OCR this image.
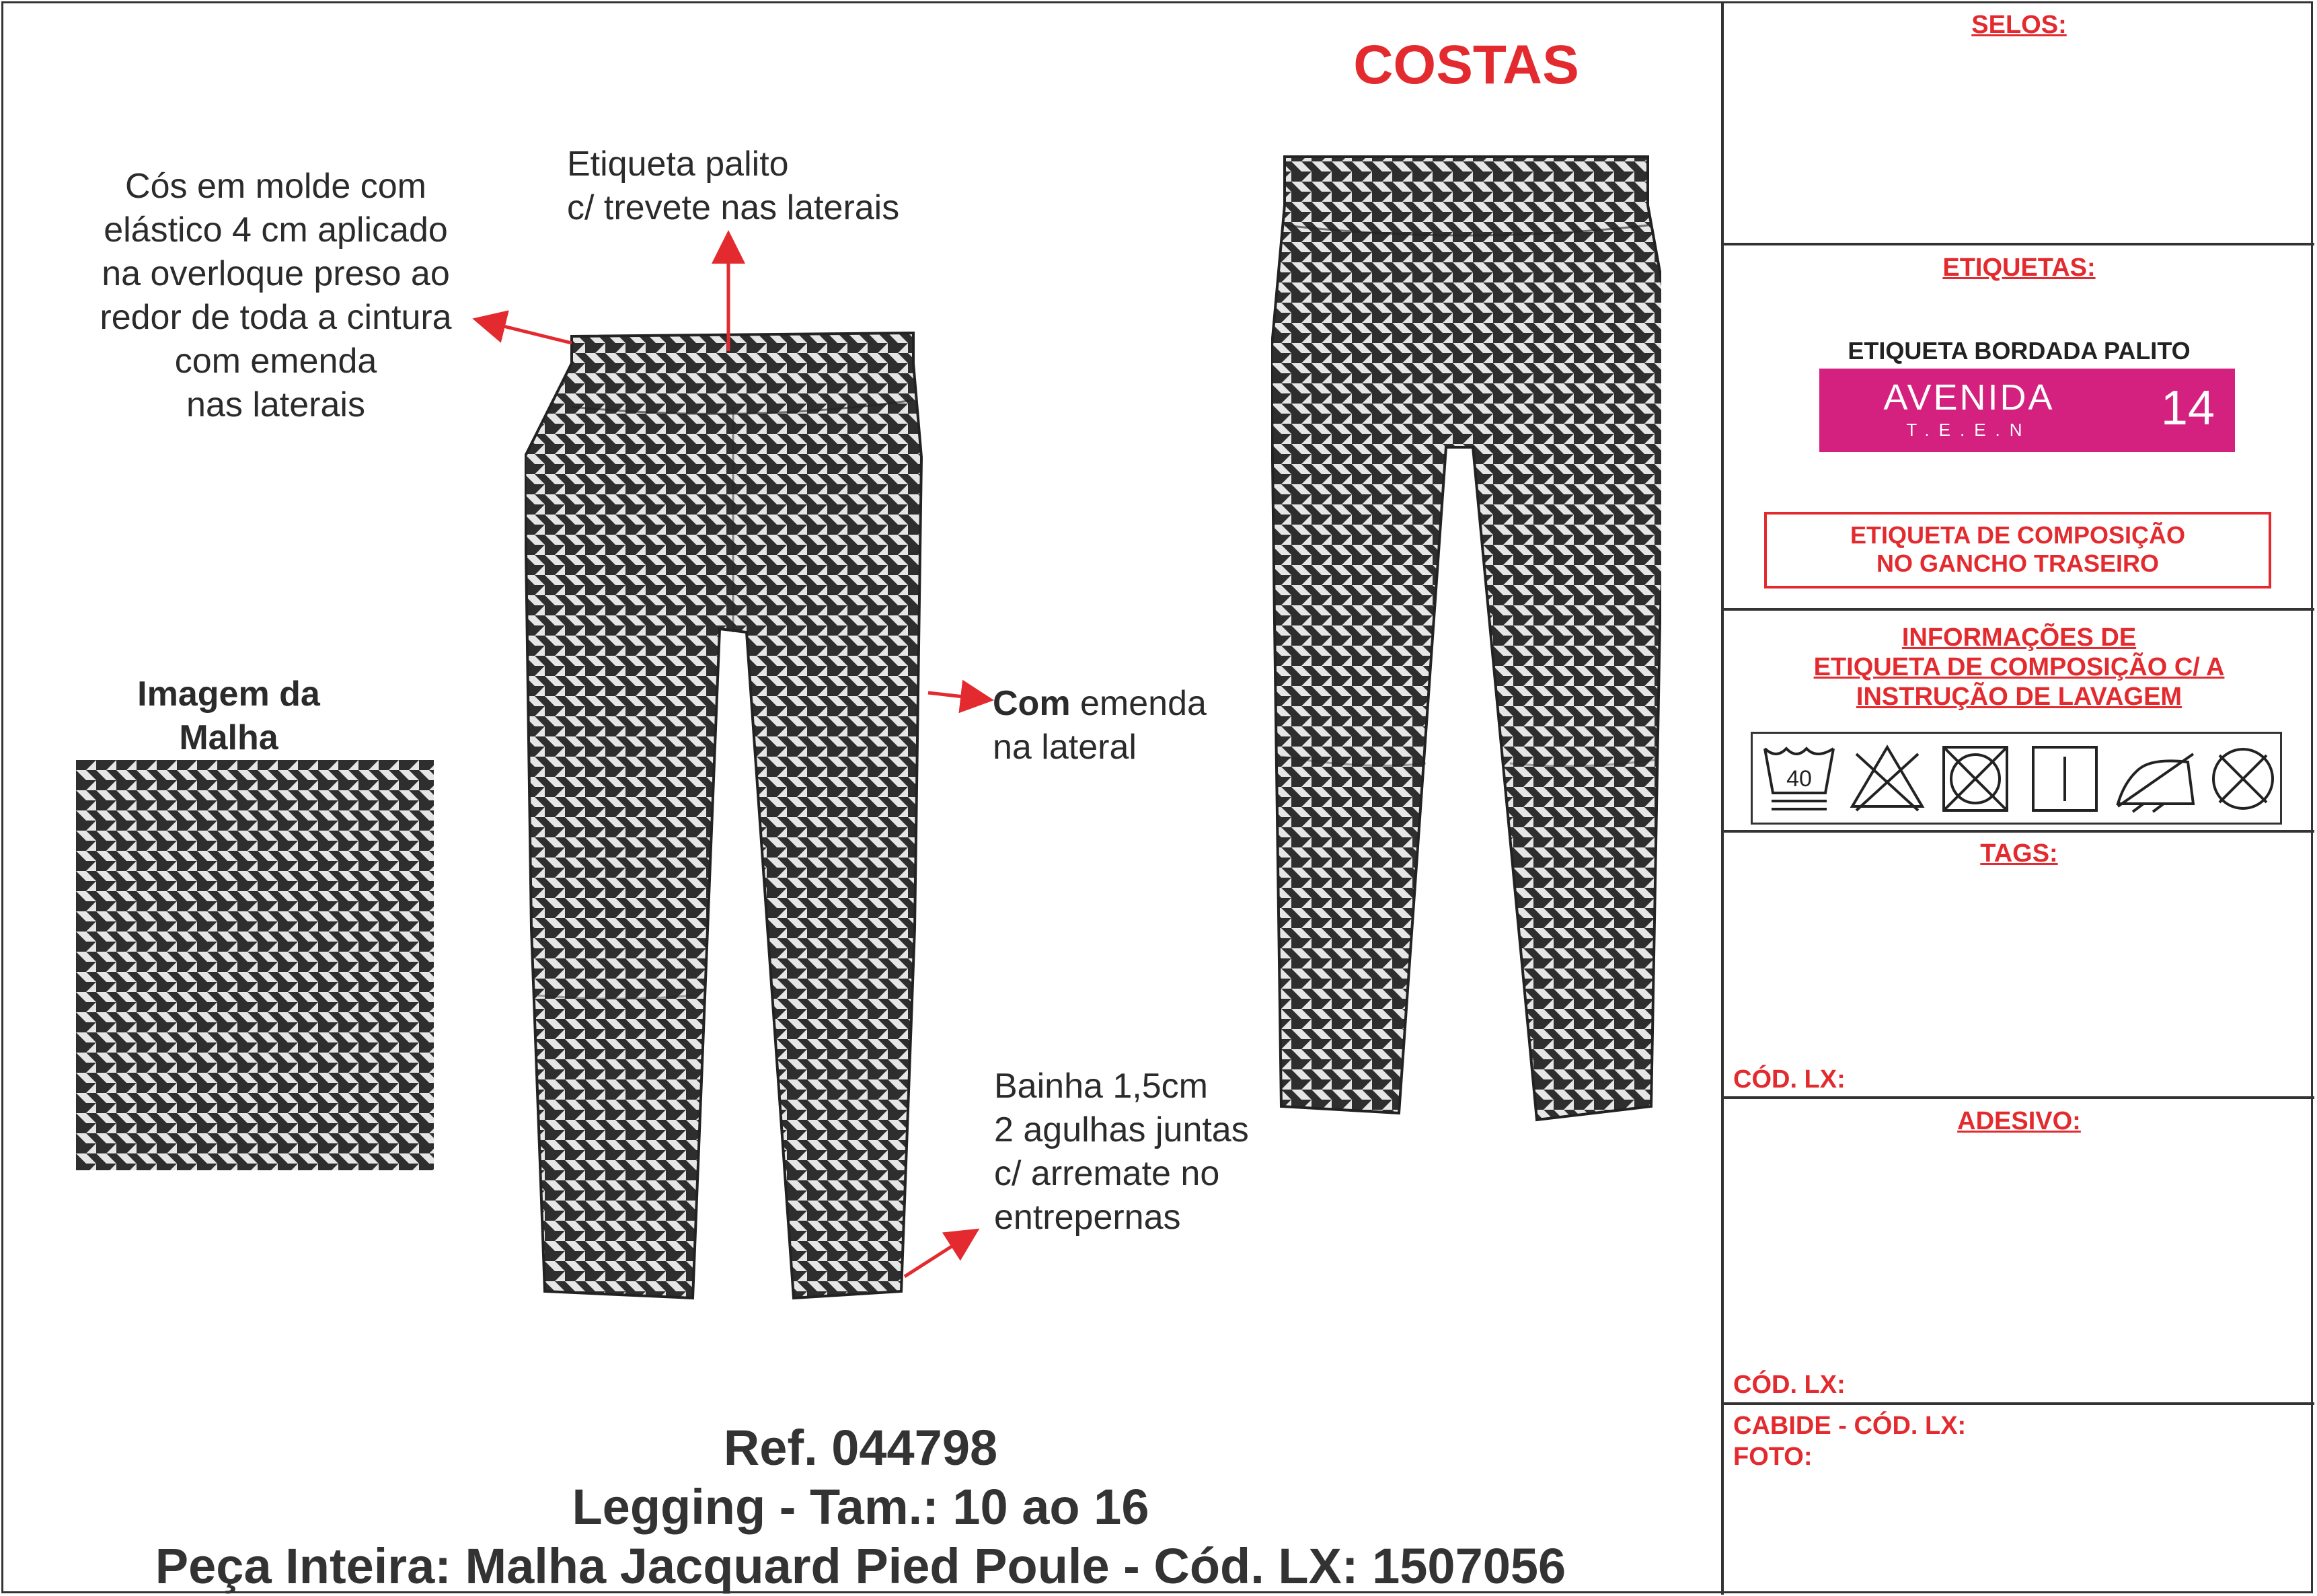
COSTAS
Cós em molde com
elástico 4 cm aplicado
na overloque preso ao
redor de toda a cintura
com emenda
nas laterais
Etiqueta palito
c/ trevete nas laterais
Com emenda
na lateral
Bainha 1,5cm
2 agulhas juntas
c/ arremate no
entrepernas
Imagem da
Malha
Ref. 044798
Legging - Tam.: 10 ao 16
Peça Inteira: Malha Jacquard Pied Poule - Cód. LX: 1507056
SELOS:
ETIQUETAS:
ETIQUETA BORDADA PALITO
AVENIDA
T.E.E.N	14
ETIQUETA DE COMPOSIÇÃO
NO GANCHO TRASEIRO
INFORMAÇÕES DE
ETIQUETA DE COMPOSIÇÃO C/ A
INSTRUÇÃO DE LAVAGEM
40
TAGS:
CÓD. LX:
ADESIVO:
CÓD. LX:
CABIDE - CÓD. LX:
FOTO:
